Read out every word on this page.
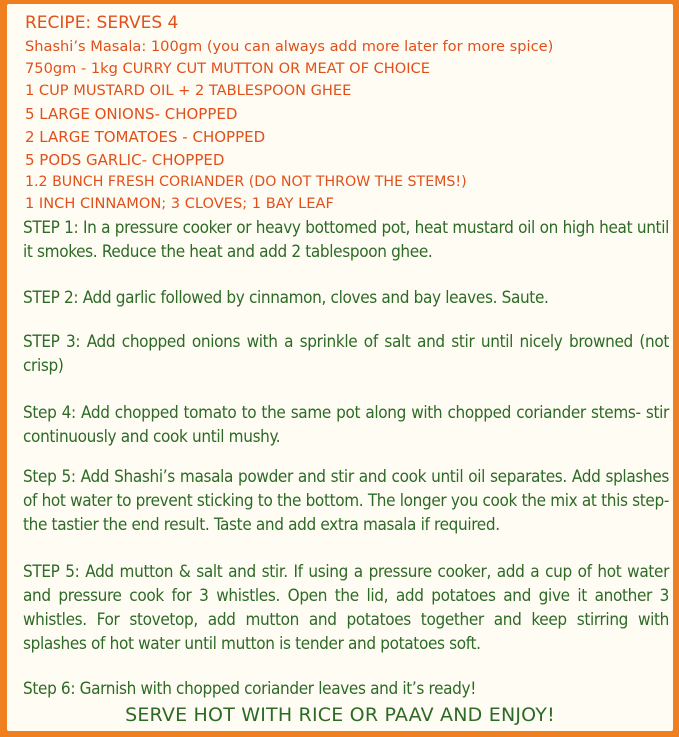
RECIPE: SERVES 4
Shashi’s Masala: 100gm (you can always add more later for more spice)
750gm - 1kg CURRY CUT MUTTON OR MEAT OF CHOICE
1 CUP MUSTARD OIL + 2 TABLESPOON GHEE
5 LARGE ONIONS- CHOPPED
2 LARGE TOMATOES - CHOPPED
5 PODS GARLIC- CHOPPED
1.2 BUNCH FRESH CORIANDER (DO NOT THROW THE STEMS!)
1 INCH CINNAMON; 3 CLOVES; 1 BAY LEAF

STEP 1: In a pressure cooker or heavy bottomed pot, heat mustard oil on high heat until it smokes. Reduce the heat and add 2 tablespoon ghee.

STEP 2: Add garlic followed by cinnamon, cloves and bay leaves. Saute.

STEP 3: Add chopped onions with a sprinkle of salt and stir until nicely browned (not crisp)

Step 4: Add chopped tomato to the same pot along with chopped coriander stems- stir continuously and cook until mushy.

Step 5: Add Shashi’s masala powder and stir and cook until oil separates. Add splashes of hot water to prevent sticking to the bottom. The longer you cook the mix at this step- the tastier the end result. Taste and add extra masala if required.

STEP 5: Add mutton & salt and stir. If using a pressure cooker, add a cup of hot water and pressure cook for 3 whistles. Open the lid, add potatoes and give it another 3 whistles. For stovetop, add mutton and potatoes together and keep stirring with splashes of hot water until mutton is tender and potatoes soft.

Step 6: Garnish with chopped coriander leaves and it’s ready!

SERVE HOT WITH RICE OR PAAV AND ENJOY!
